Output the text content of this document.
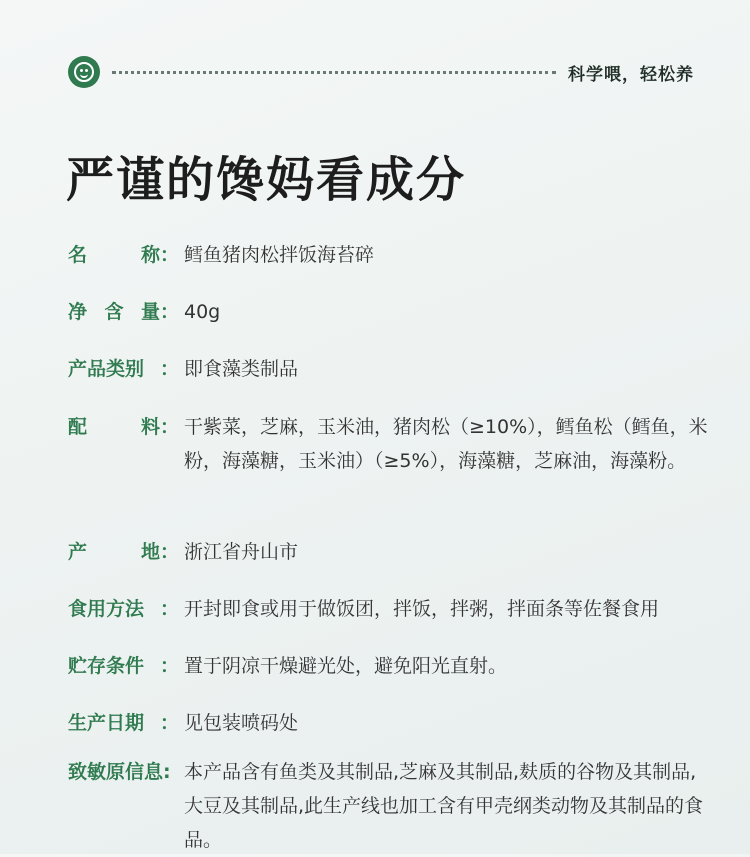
科学喂，轻松养
严谨的馋妈看成分
名	称 ： 鳕鱼猪肉松拌饭海苔碎
净 含 量 ： 40g
产品类别 ： 即食藻类制品
配	料 ： 干紫菜，芝麻，玉米油，猪肉松（≥10%），鳕鱼松（鳕鱼，米粉，海藻糖，玉米油）（≥5%），海藻糖，芝麻油，海藻粉。
产	地 ： 浙江省舟山市
食用方法 ： 开封即食或用于做饭团，拌饭，拌粥，拌面条等佐餐食用
贮存条件 ： 置于阴凉干燥避光处，避免阳光直射。
生产日期 ： 见包装喷码处
致敏原信息: 本产品含有鱼类及其制品,芝麻及其制品,麸质的谷物及其制品,大豆及其制品,此生产线也加工含有甲壳纲类动物及其制品的食品。
